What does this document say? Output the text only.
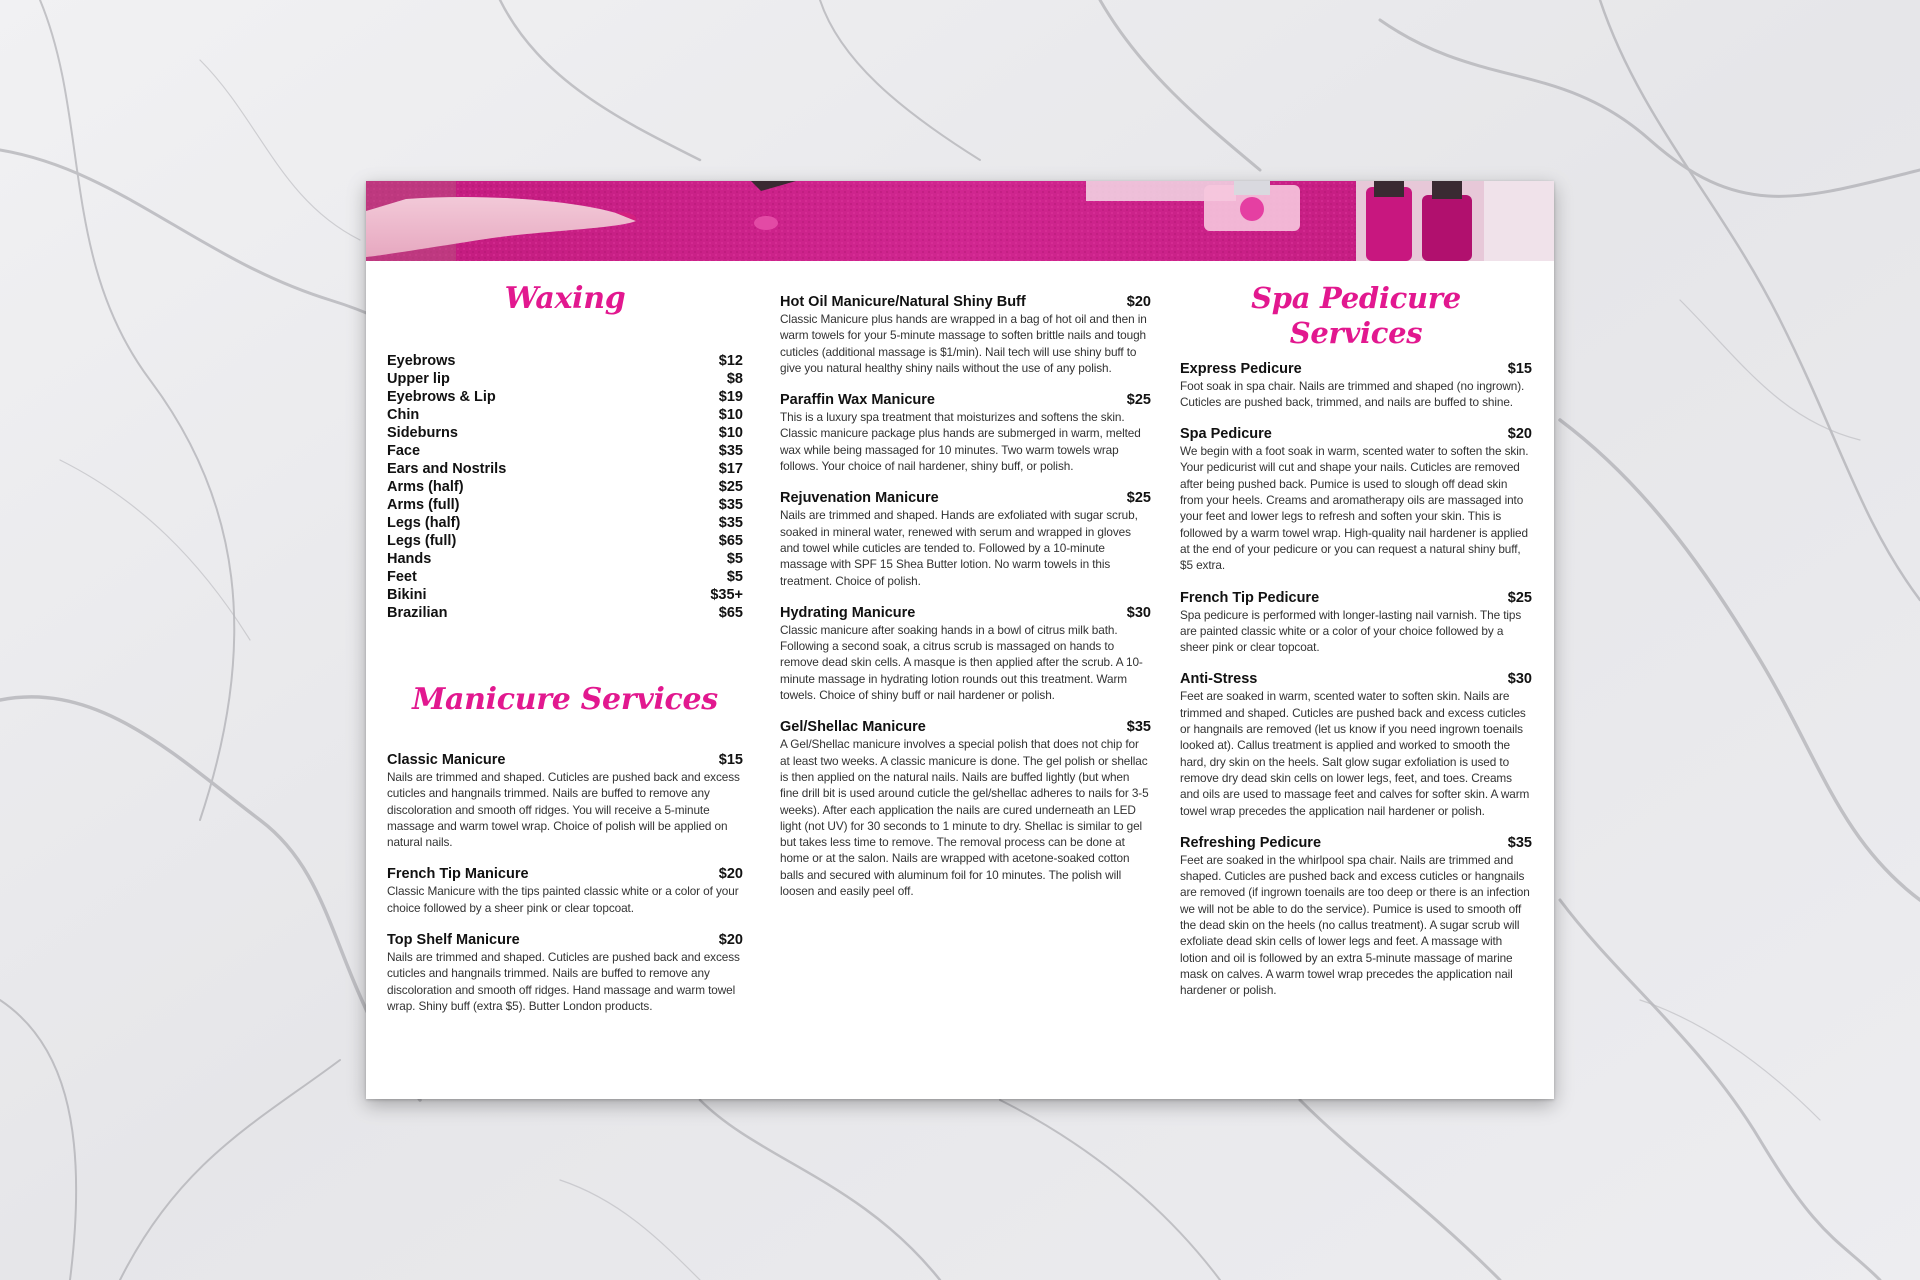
Waxing
Eyebrows	$12
Upper lip	$8
Eyebrows & Lip	$19
Chin	$10
Sideburns	$10
Face	$35
Ears and Nostrils	$17
Arms (half)	$25
Arms (full)	$35
Legs (half)	$35
Legs (full)	$65
Hands	$5
Feet	$5
Bikini	$35+
Brazilian	$65
Manicure Services
Classic Manicure	$15

Nails are trimmed and shaped. Cuticles are pushed back and excess cuticles and hangnails trimmed. Nails are buffed to remove any discoloration and smooth off ridges. You will receive a 5-minute massage and warm towel wrap. Choice of polish will be applied on natural nails.

French Tip Manicure	$20

Classic Manicure with the tips painted classic white or a color of your choice followed by a sheer pink or clear topcoat.

Top Shelf Manicure	$20

Nails are trimmed and shaped. Cuticles are pushed back and excess cuticles and hangnails trimmed. Nails are buffed to remove any discoloration and smooth off ridges. Hand massage and warm towel wrap. Shiny buff (extra $5). Butter London products.

Hot Oil Manicure/Natural Shiny Buff	$20

Classic Manicure plus hands are wrapped in a bag of hot oil and then in warm towels for your 5-minute massage to soften brittle nails and tough cuticles (additional massage is $1/min). Nail tech will use shiny buff to give you natural healthy shiny nails without the use of any polish.

Paraffin Wax Manicure	$25

This is a luxury spa treatment that moisturizes and softens the skin. Classic manicure package plus hands are submerged in warm, melted wax while being massaged for 10 minutes. Two warm towels wrap follows. Your choice of nail hardener, shiny buff, or polish.

Rejuvenation Manicure	$25

Nails are trimmed and shaped. Hands are exfoliated with sugar scrub, soaked in mineral water, renewed with serum and wrapped in gloves and towel while cuticles are tended to. Followed by a 10-minute massage with SPF 15 Shea Butter lotion. No warm towels in this treatment. Choice of polish.

Hydrating Manicure	$30

Classic manicure after soaking hands in a bowl of citrus milk bath. Following a second soak, a citrus scrub is massaged on hands to remove dead skin cells. A masque is then applied after the scrub. A 10-minute massage in hydrating lotion rounds out this treatment. Warm towels. Choice of shiny buff or nail hardener or polish.

Gel/Shellac Manicure	$35

A Gel/Shellac manicure involves a special polish that does not chip for at least two weeks. A classic manicure is done. The gel polish or shellac is then applied on the natural nails. Nails are buffed lightly (but when fine drill bit is used around cuticle the gel/shellac adheres to nails for 3-5 weeks). After each application the nails are cured underneath an LED light (not UV) for 30 seconds to 1 minute to dry. Shellac is similar to gel but takes less time to remove. The removal process can be done at home or at the salon. Nails are wrapped with acetone-soaked cotton balls and secured with aluminum foil for 10 minutes. The polish will loosen and easily peel off.

Spa Pedicure Services
Express Pedicure	$15

Foot soak in spa chair. Nails are trimmed and shaped (no ingrown). Cuticles are pushed back, trimmed, and nails are buffed to shine.

Spa Pedicure	$20

We begin with a foot soak in warm, scented water to soften the skin. Your pedicurist will cut and shape your nails. Cuticles are removed after being pushed back. Pumice is used to slough off dead skin from your heels. Creams and aromatherapy oils are massaged into your feet and lower legs to refresh and soften your skin. This is followed by a warm towel wrap. High-quality nail hardener is applied at the end of your pedicure or you can request a natural shiny buff, $5 extra.

French Tip Pedicure	$25

Spa pedicure is performed with longer-lasting nail varnish. The tips are painted classic white or a color of your choice followed by a sheer pink or clear topcoat.

Anti-Stress	$30

Feet are soaked in warm, scented water to soften skin. Nails are trimmed and shaped. Cuticles are pushed back and excess cuticles or hangnails are removed (let us know if you need ingrown toenails looked at). Callus treatment is applied and worked to smooth the hard, dry skin on the heels. Salt glow sugar exfoliation is used to remove dry dead skin cells on lower legs, feet, and toes. Creams and oils are used to massage feet and calves for softer skin. A warm towel wrap precedes the application nail hardener or polish.

Refreshing Pedicure	$35

Feet are soaked in the whirlpool spa chair. Nails are trimmed and shaped. Cuticles are pushed back and excess cuticles or hangnails are removed (if ingrown toenails are too deep or there is an infection we will not be able to do the service). Pumice is used to smooth off the dead skin on the heels (no callus treatment). A sugar scrub will exfoliate dead skin cells of lower legs and feet. A massage with lotion and oil is followed by an extra 5-minute massage of marine mask on calves. A warm towel wrap precedes the application nail hardener or polish.
